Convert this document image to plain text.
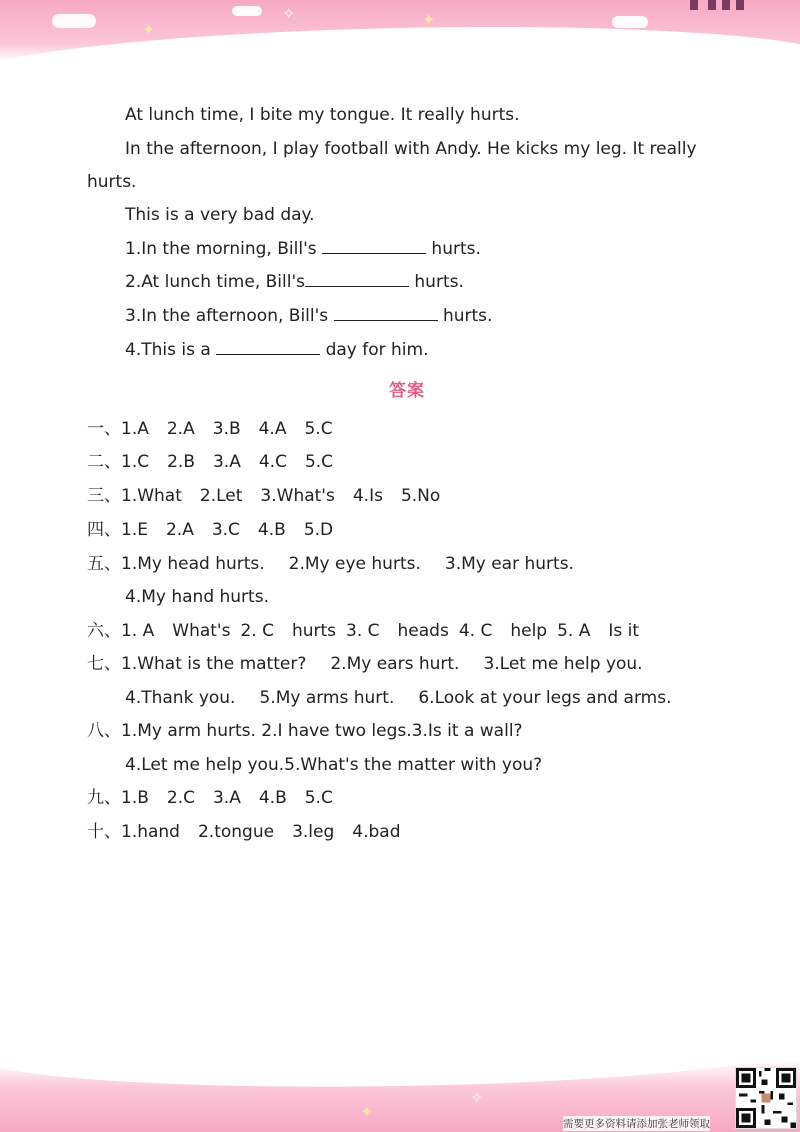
✦
✧	✦
At lunch time, I bite my tongue. It really hurts.
In the afternoon, I play football with Andy. He kicks my leg. It really
hurts.
This is a very bad day.
1.In the morning, Bill's	hurts.
2.At lunch time, Bill's	hurts.
3.In the afternoon, Bill's	hurts.
4.This is a	day for him.
答案
一、1.A 2.A 3.B 4.A 5.C
二、1.C 2.B 3.A 4.C 5.C
三、1.What 2.Let 3.What's 4.Is 5.No
四、1.E 2.A 3.C 4.B 5.D
五、1.My head hurts. 2.My eye hurts. 3.My ear hurts.
4.My hand hurts.
六、1. A What's 2. C hurts 3. C heads 4. C help 5. A Is it
七、1.What is the matter? 2.My ears hurt. 3.Let me help you.
4.Thank you. 5.My arms hurt. 6.Look at your legs and arms.
八、1.My arm hurts. 2.I have two legs.3.Is it a wall?
4.Let me help you.5.What's the matter with you?
九、1.B 2.C 3.A 4.B 5.C
十、1.hand 2.tongue 3.leg 4.bad
✦
✧
需要更多资料请添加张老师领取
